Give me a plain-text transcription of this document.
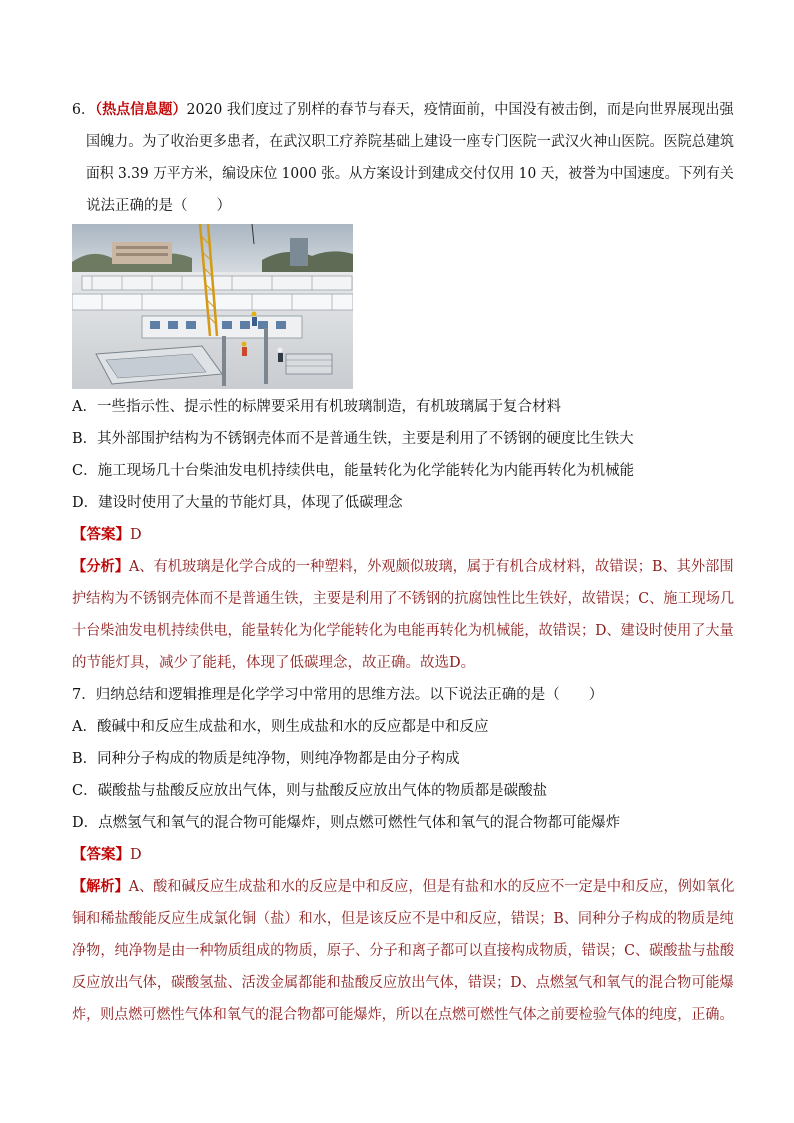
6．（热点信息题）2020 我们度过了别样的春节与春天，疫情面前，中国没有被击倒，而是向世界展现出强
国魄力。为了收治更多患者，在武汉职工疗养院基础上建设一座专门医院一武汉火神山医院。医院总建筑
面积 3.39 万平方米，编设床位 1000 张。从方案设计到建成交付仅用 10 天，被誉为中国速度。下列有关
说法正确的是（　　）
A．一些指示性、提示性的标牌要采用有机玻璃制造，有机玻璃属于复合材料
B．其外部围护结构为不锈钢壳体而不是普通生铁，主要是利用了不锈钢的硬度比生铁大
C．施工现场几十台柴油发电机持续供电，能量转化为化学能转化为内能再转化为机械能
D．建设时使用了大量的节能灯具，体现了低碳理念
【答案】D
【分析】A、有机玻璃是化学合成的一种塑料，外观颇似玻璃，属于有机合成材料，故错误；B、其外部围
护结构为不锈钢壳体而不是普通生铁，主要是利用了不锈钢的抗腐蚀性比生铁好，故错误；C、施工现场几
十台柴油发电机持续供电，能量转化为化学能转化为电能再转化为机械能，故错误；D、建设时使用了大量
的节能灯具，减少了能耗，体现了低碳理念，故正确。故选D。
7．归纳总结和逻辑推理是化学学习中常用的思维方法。以下说法正确的是（　　）
A．酸碱中和反应生成盐和水，则生成盐和水的反应都是中和反应
B．同种分子构成的物质是纯净物，则纯净物都是由分子构成
C．碳酸盐与盐酸反应放出气体，则与盐酸反应放出气体的物质都是碳酸盐
D．点燃氢气和氧气的混合物可能爆炸，则点燃可燃性气体和氧气的混合物都可能爆炸
【答案】D
【解析】A、酸和碱反应生成盐和水的反应是中和反应，但是有盐和水的反应不一定是中和反应，例如氧化
铜和稀盐酸能反应生成氯化铜（盐）和水，但是该反应不是中和反应，错误；B、同种分子构成的物质是纯
净物，纯净物是由一种物质组成的物质，原子、分子和离子都可以直接构成物质，错误；C、碳酸盐与盐酸
反应放出气体，碳酸氢盐、活泼金属都能和盐酸反应放出气体，错误；D、点燃氢气和氧气的混合物可能爆
炸，则点燃可燃性气体和氧气的混合物都可能爆炸，所以在点燃可燃性气体之前要检验气体的纯度，正确。
